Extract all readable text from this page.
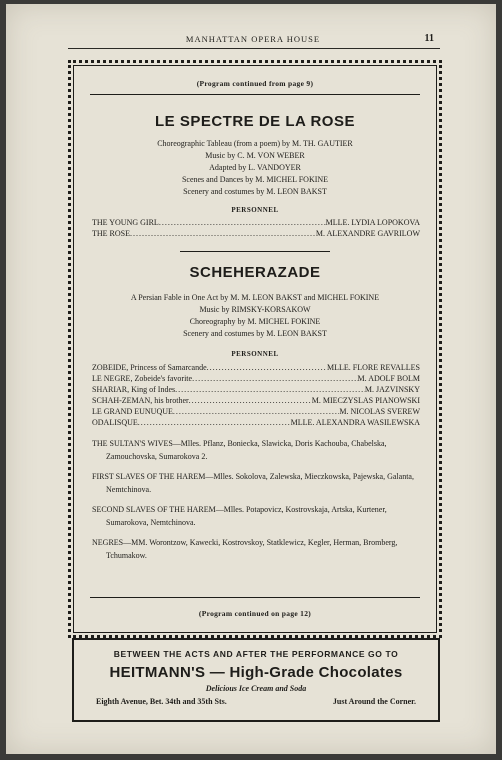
MANHATTAN OPERA HOUSE	11
(Program continued from page 9)
LE SPECTRE DE LA ROSE
Choreographic Tableau (from a poem) by M. TH. GAUTIER
Music by C. M. VON WEBER
Adapted by L. VANDOYER
Scenes and Dances by M. MICHEL FOKINE
Scenery and costumes by M. LEON BAKST
PERSONNEL
THE YOUNG GIRL .....	MLLE. LYDIA LOPOKOVA
THE ROSE .....	M. ALEXANDRE GAVRILOW
SCHEHERAZADE
A Persian Fable in One Act by M. M. LEON BAKST and MICHEL FOKINE
Music by RIMSKY-KORSAKOW
Choreography by M. MICHEL FOKINE
Scenery and costumes by M. LEON BAKST
PERSONNEL
ZOBEIDE, Princess of Samarcande .....	MLLE. FLORE REVALLES
LE NEGRE, Zobeide's favorite .....	M. ADOLF BOLM
SHARIAR, King of Indes .....	M. JAZVINSKY
SCHAH-ZEMAN, his brother .....	M. MIECZYSLAS PIANOWSKI
LE GRAND EUNUQUE .....	M. NICOLAS SVEREW
ODALISQUE .....	MLLE. ALEXANDRA WASILEWSKA
THE SULTAN'S WIVES—Mlles. Pflanz, Boniecka, Slawicka, Doris Kachouba, Chabelska, Zamouchovska, Sumarokova 2.
FIRST SLAVES OF THE HAREM—Mlles. Sokolova, Zalewska, Mieczkowska, Pajewska, Galanta, Nemtchinova.
SECOND SLAVES OF THE HAREM—Mlles. Potapovicz, Kostrovskaja, Artska, Kurtener, Sumarokova, Nemtchinova.
NEGRES—MM. Worontzow, Kawecki, Kostrovskoy, Statklewicz, Kegler, Herman, Bromberg, Tchumakow.
(Program continued on page 12)
BETWEEN THE ACTS AND AFTER THE PERFORMANCE GO TO
HEITMANN'S — High-Grade Chocolates
Delicious Ice Cream and Soda
Eighth Avenue, Bet. 34th and 35th Sts.	Just Around the Corner.
